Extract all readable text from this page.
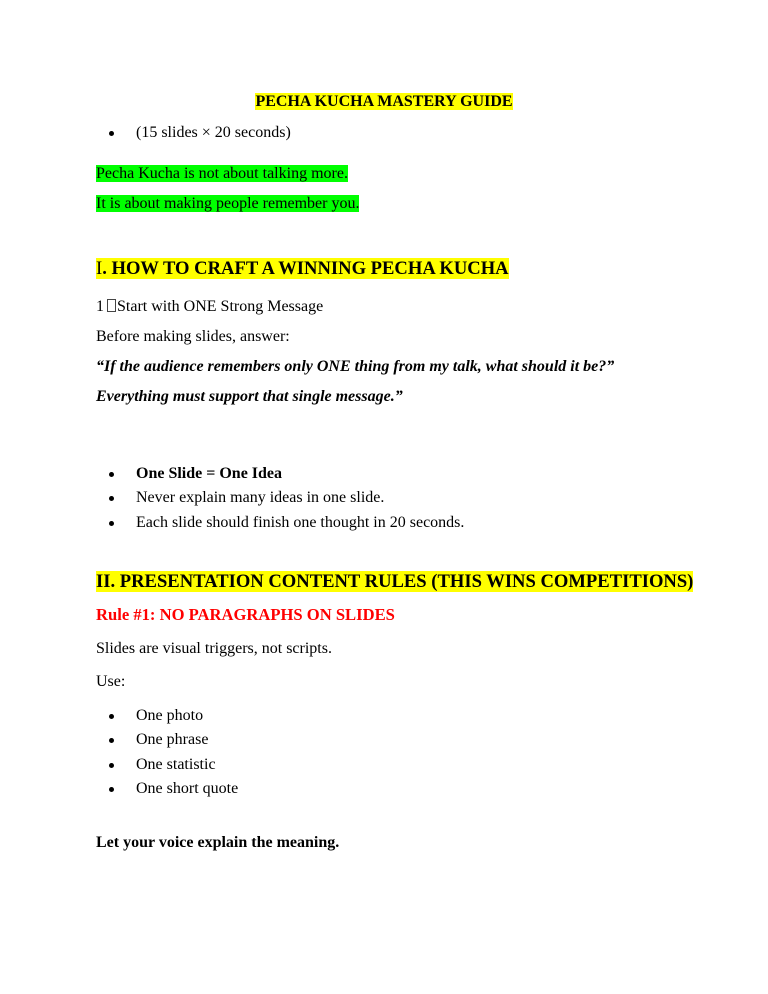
PECHA KUCHA MASTERY GUIDE
(15 slides × 20 seconds)
Pecha Kucha is not about talking more.
It is about making people remember you.
I. HOW TO CRAFT A WINNING PECHA KUCHA
1 Start with ONE Strong Message
Before making slides, answer:
“If the audience remembers only ONE thing from my talk, what should it be?”
Everything must support that single message.”
One Slide = One Idea
Never explain many ideas in one slide.
Each slide should finish one thought in 20 seconds.
II. PRESENTATION CONTENT RULES (THIS WINS COMPETITIONS)
Rule #1: NO PARAGRAPHS ON SLIDES
Slides are visual triggers, not scripts.
Use:
One photo
One phrase
One statistic
One short quote
Let your voice explain the meaning.
